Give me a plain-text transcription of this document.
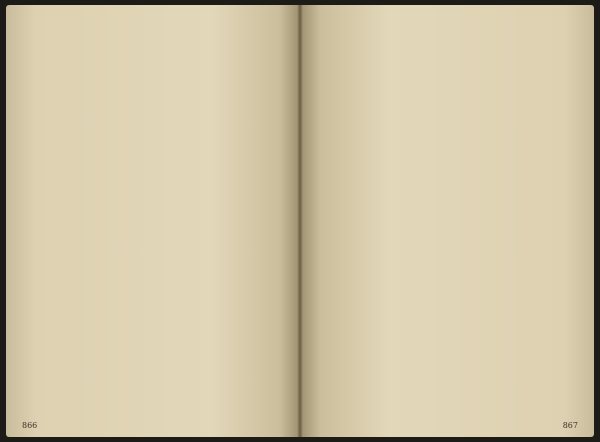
866	867
